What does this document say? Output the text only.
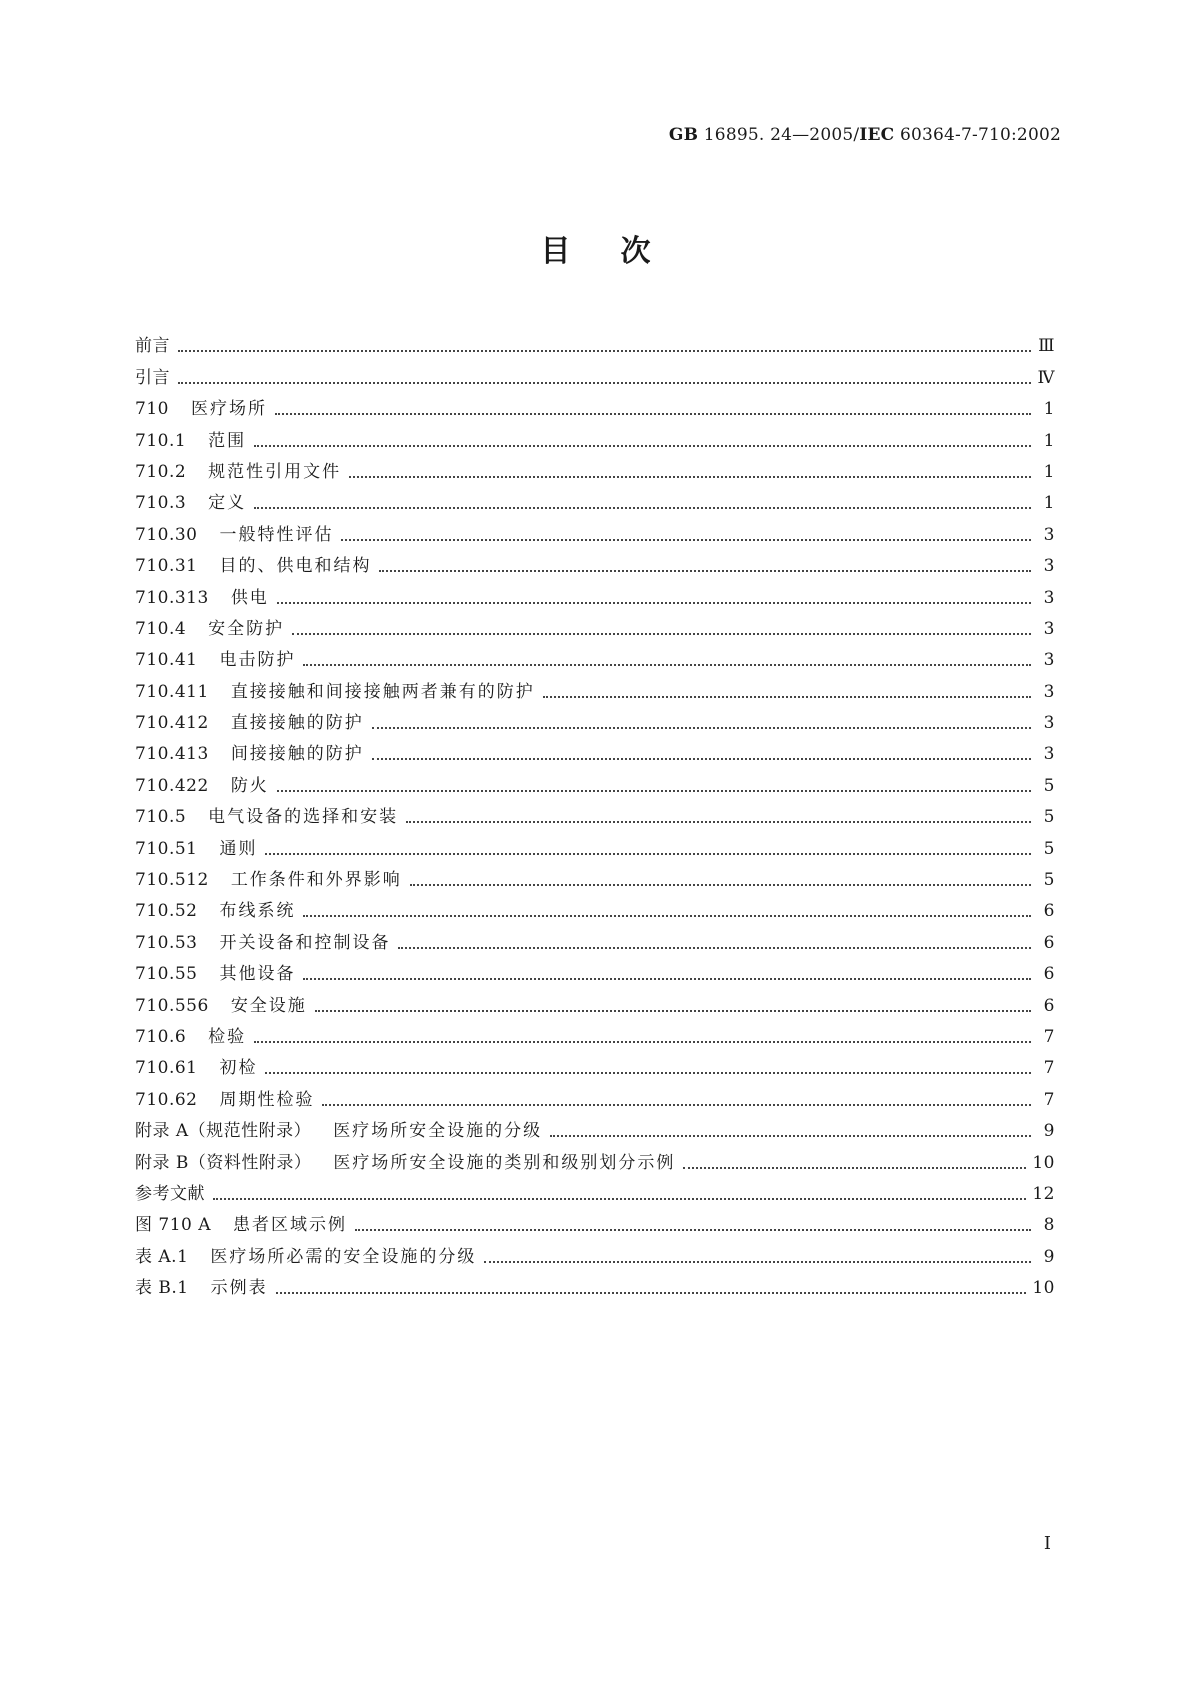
GB 16895. 24—2005/IEC 60364-7-710:2002
目次
前言	Ⅲ
引言	Ⅳ
710 医疗场所	1
710.1 范围	1
710.2 规范性引用文件	1
710.3 定义	1
710.30 一般特性评估	3
710.31 目的、供电和结构	3
710.313 供电	3
710.4 安全防护	3
710.41 电击防护	3
710.411 直接接触和间接接触两者兼有的防护	3
710.412 直接接触的防护	3
710.413 间接接触的防护	3
710.422 防火	5
710.5 电气设备的选择和安装	5
710.51 通则	5
710.512 工作条件和外界影响	5
710.52 布线系统	6
710.53 开关设备和控制设备	6
710.55 其他设备	6
710.556 安全设施	6
710.6 检验	7
710.61 初检	7
710.62 周期性检验	7
附录 A（规范性附录） 医疗场所安全设施的分级	9
附录 B（资料性附录） 医疗场所安全设施的类别和级别划分示例	10
参考文献	12
图 710 A 患者区域示例	8
表 A.1 医疗场所必需的安全设施的分级	9
表 B.1 示例表	10
I
